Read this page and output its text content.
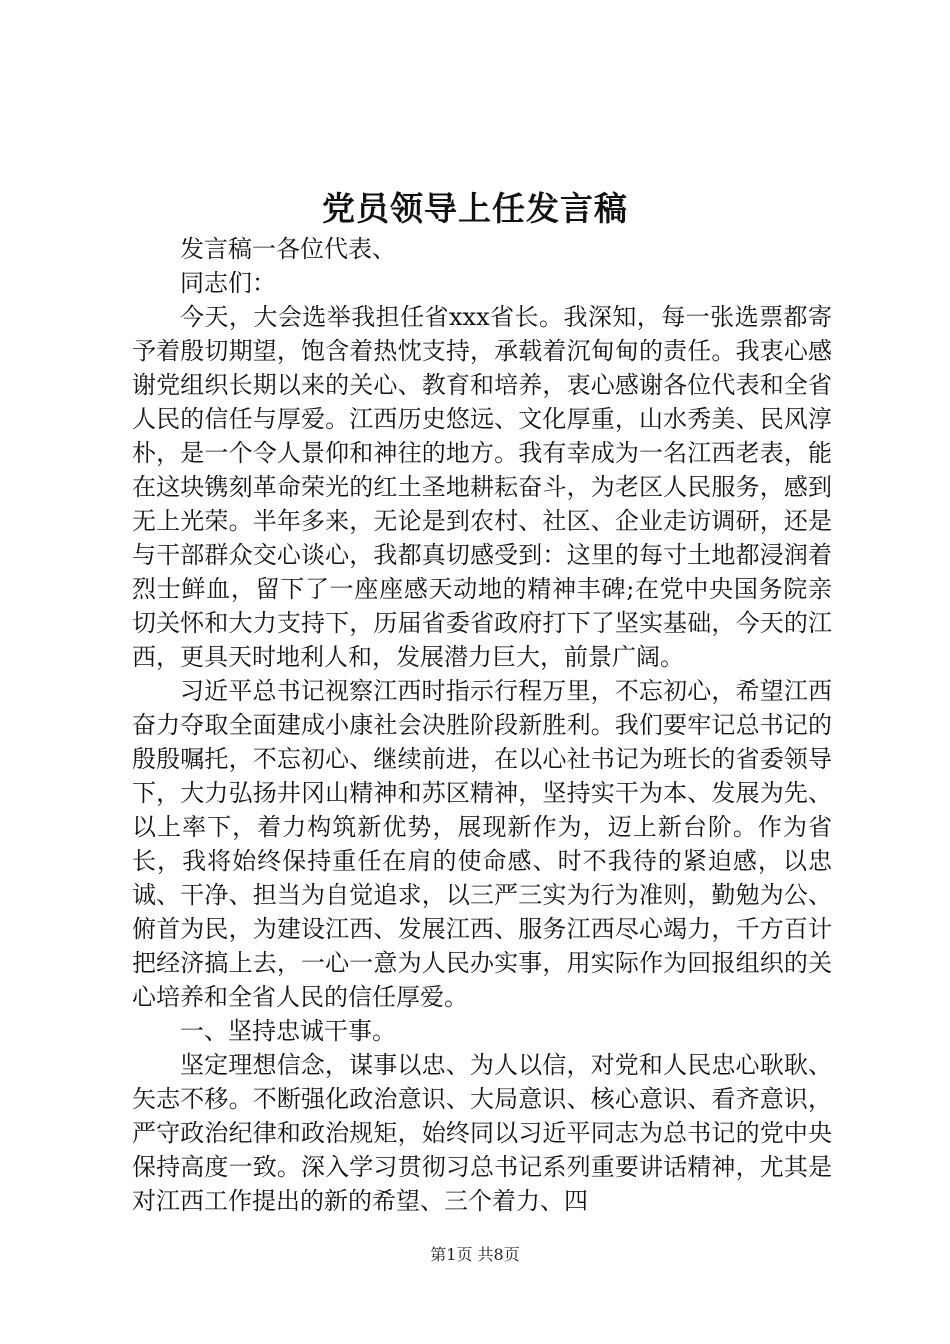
党员领导上任发言稿

发言稿一各位代表、

同志们：

今天，大会选举我担任省xxx省长。我深知，每一张选票都寄予着殷切期望，饱含着热忱支持，承载着沉甸甸的责任。我衷心感谢党组织长期以来的关心、教育和培养，衷心感谢各位代表和全省人民的信任与厚爱。江西历史悠远、文化厚重，山水秀美、民风淳朴，是一个令人景仰和神往的地方。我有幸成为一名江西老表，能在这块镌刻革命荣光的红土圣地耕耘奋斗，为老区人民服务，感到无上光荣。半年多来，无论是到农村、社区、企业走访调研，还是与干部群众交心谈心，我都真切感受到：这里的每寸土地都浸润着烈士鲜血，留下了一座座感天动地的精神丰碑;在党中央国务院亲切关怀和大力支持下，历届省委省政府打下了坚实基础，今天的江西，更具天时地利人和，发展潜力巨大，前景广阔。

习近平总书记视察江西时指示行程万里，不忘初心，希望江西奋力夺取全面建成小康社会决胜阶段新胜利。我们要牢记总书记的殷殷嘱托，不忘初心、继续前进，在以心社书记为班长的省委领导下，大力弘扬井冈山精神和苏区精神，坚持实干为本、发展为先、以上率下，着力构筑新优势，展现新作为，迈上新台阶。作为省长，我将始终保持重任在肩的使命感、时不我待的紧迫感，以忠诚、干净、担当为自觉追求，以三严三实为行为准则，勤勉为公、俯首为民，为建设江西、发展江西、服务江西尽心竭力，千方百计把经济搞上去，一心一意为人民办实事，用实际作为回报组织的关心培养和全省人民的信任厚爱。

一、坚持忠诚干事。

坚定理想信念，谋事以忠、为人以信，对党和人民忠心耿耿、矢志不移。不断强化政治意识、大局意识、核心意识、看齐意识，严守政治纪律和政治规矩，始终同以习近平同志为总书记的党中央保持高度一致。深入学习贯彻习总书记系列重要讲话精神，尤其是对江西工作提出的新的希望、三个着力、四

第1页 共8页
